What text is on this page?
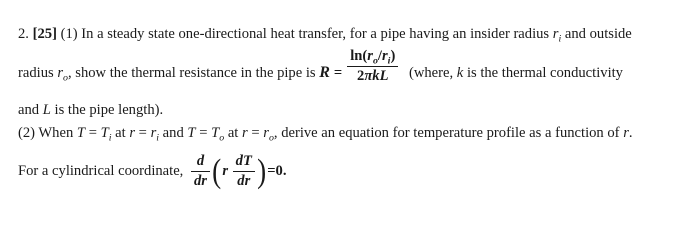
2. [25] (1) In a steady state one-directional heat transfer, for a pipe having an insider radius $r_i$ and outside
radius $r_o$, show the thermal resistance in the pipe is $R = \frac{\ln(r_o/r_i)}{\text{2πkL}}$ (where, k is the thermal conductivity
and L is the pipe length).
(2) When $T = T_i$ at $r = r_i$ and $T = T_o$ at $r = r_o$, derive an equation for temperature profile as a function of r.
For a cylindrical coordinate, $\frac{d}{dr} (r \frac{dT}{dr} )=0$.
